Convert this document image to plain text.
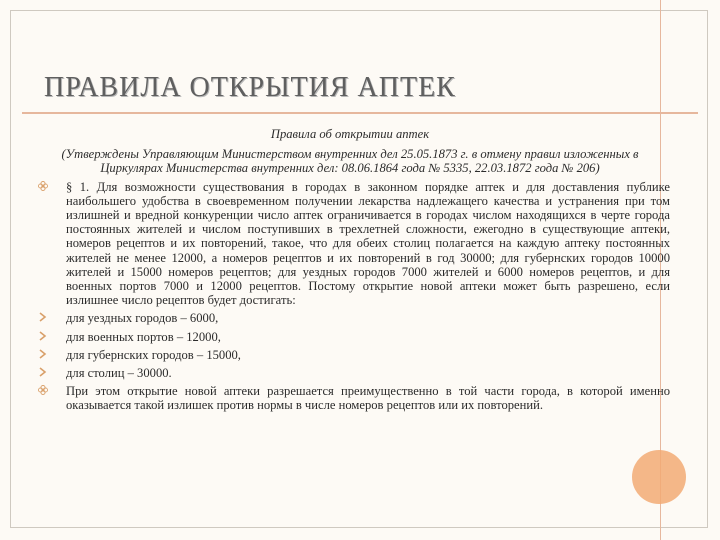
ПРАВИЛА ОТКРЫТИЯ АПТЕК

Правила об открытии аптек

(Утверждены Управляющим Министерством внутренних дел 25.05.1873 г. в отмену правил изложенных в Циркулярах Министерства внутренних дел: 08.06.1864 года № 5335, 22.03.1872 года № 206)

§ 1. Для возможности существования в городах в законном порядке аптек и для доставления публике наибольшего удобства в своевременном получении лекарства надлежащего качества и устранения при том излишней и вредной конкуренции число аптек ограничивается в городах числом находящихся в черте города постоянных жителей и числом поступивших в трехлетней сложности, ежегодно в существующие аптеки, номеров рецептов и их повторений, такое, что для обеих столиц полагается на каждую аптеку постоянных жителей не менее 12000, а номеров рецептов и их повторений в год 30000; для губернских городов 10000 жителей и 15000 номеров рецептов; для уездных городов 7000 жителей и 6000 номеров рецептов, и для военных портов 7000 и 12000 рецептов. Постому открытие новой аптеки может быть разрешено, если излишнее число рецептов будет достигать:

для уездных городов – 6000,

для военных портов – 12000,

для губернских городов – 15000,

для столиц – 30000.

При этом открытие новой аптеки разрешается преимущественно в той части города, в которой именно оказывается такой излишек против нормы в числе номеров рецептов или их повторений.
